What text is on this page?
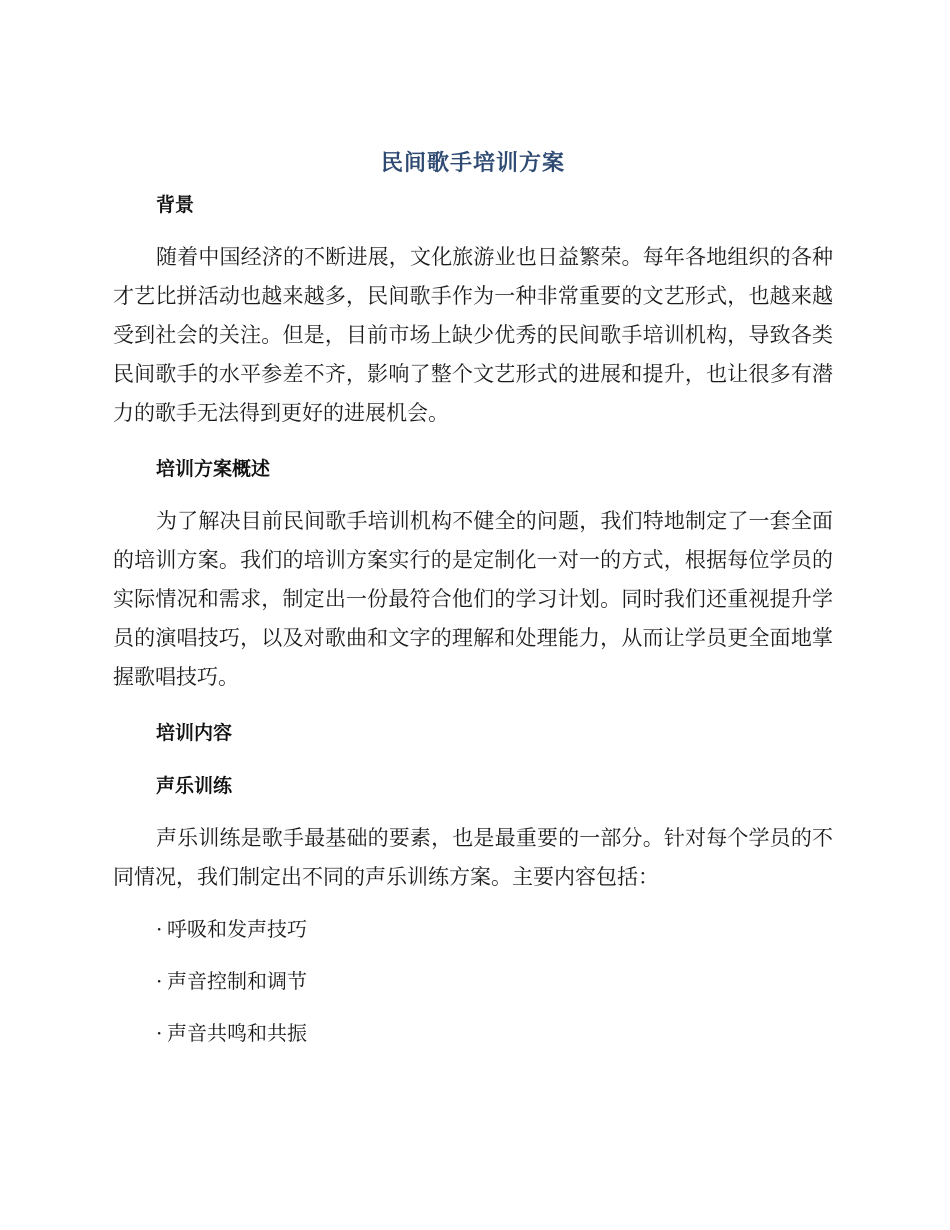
民间歌手培训方案
背景

随着中国经济的不断进展，文化旅游业也日益繁荣。每年各地组织的各种才艺比拼活动也越来越多，民间歌手作为一种非常重要的文艺形式，也越来越受到社会的关注。但是，目前市场上缺少优秀的民间歌手培训机构，导致各类民间歌手的水平参差不齐，影响了整个文艺形式的进展和提升，也让很多有潜力的歌手无法得到更好的进展机会。

培训方案概述

为了解决目前民间歌手培训机构不健全的问题，我们特地制定了一套全面的培训方案。我们的培训方案实行的是定制化一对一的方式，根据每位学员的实际情况和需求，制定出一份最符合他们的学习计划。同时我们还重视提升学员的演唱技巧，以及对歌曲和文字的理解和处理能力，从而让学员更全面地掌握歌唱技巧。

培训内容
声乐训练

声乐训练是歌手最基础的要素，也是最重要的一部分。针对每个学员的不同情况，我们制定出不同的声乐训练方案。主要内容包括：

· 呼吸和发声技巧

· 声音控制和调节

· 声音共鸣和共振
